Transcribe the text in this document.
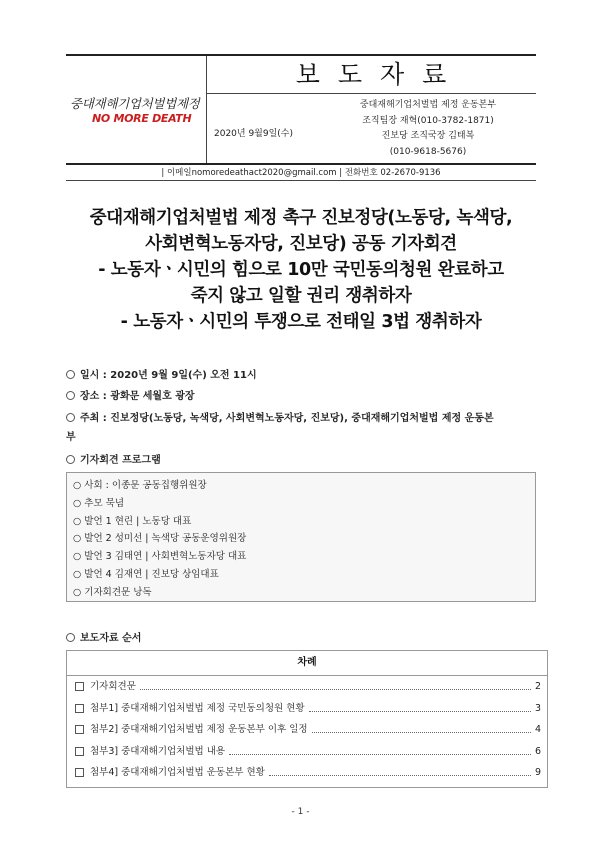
중대재해기업처벌법제정
NO MORE DEATH
보도자료
2020년 9월9일(수)
중대재해기업처벌법 제정 운동본부
조직팀장 재혁(010-3782-1871)
진보당 조직국장 김태복
(010-9618-5676)
| 이메일nomoredeathact2020@gmail.com | 전화번호 02-2670-9136
중대재해기업처벌법 제정 촉구 진보정당(노동당, 녹색당,
사회변혁노동자당, 진보당) 공동 기자회견
- 노동자ㆍ시민의 힘으로 10만 국민동의청원 완료하고
죽지 않고 일할 권리 쟁취하자
- 노동자ㆍ시민의 투쟁으로 전태일 3법 쟁취하자
일시 : 2020년 9월 9일(수) 오전 11시
장소 : 광화문 세월호 광장
주최 : 진보정당(노동당, 녹색당, 사회변혁노동자당, 진보당), 중대재해기업처벌법 제정 운동본
부
기자회견 프로그램
○ 사회 : 이종문 공동집행위원장
○ 추모 묵념
○ 발언 1 현린 | 노동당 대표
○ 발언 2 성미선 | 녹색당 공동운영위원장
○ 발언 3 김태연 | 사회변혁노동자당 대표
○ 발언 4 김재연 | 진보당 상임대표
○ 기자회견문 낭독
보도자료 순서
차례
기자회견문	2
첨부1] 중대재해기업처벌법 제정 국민동의청원 현황	3
첨부2] 중대재해기업처벌법 제정 운동본부 이후 일정	4
첨부3] 중대재해기업처벌법 내용	6
첨부4] 중대재해기업처벌법 운동본부 현황	9
- 1 -
